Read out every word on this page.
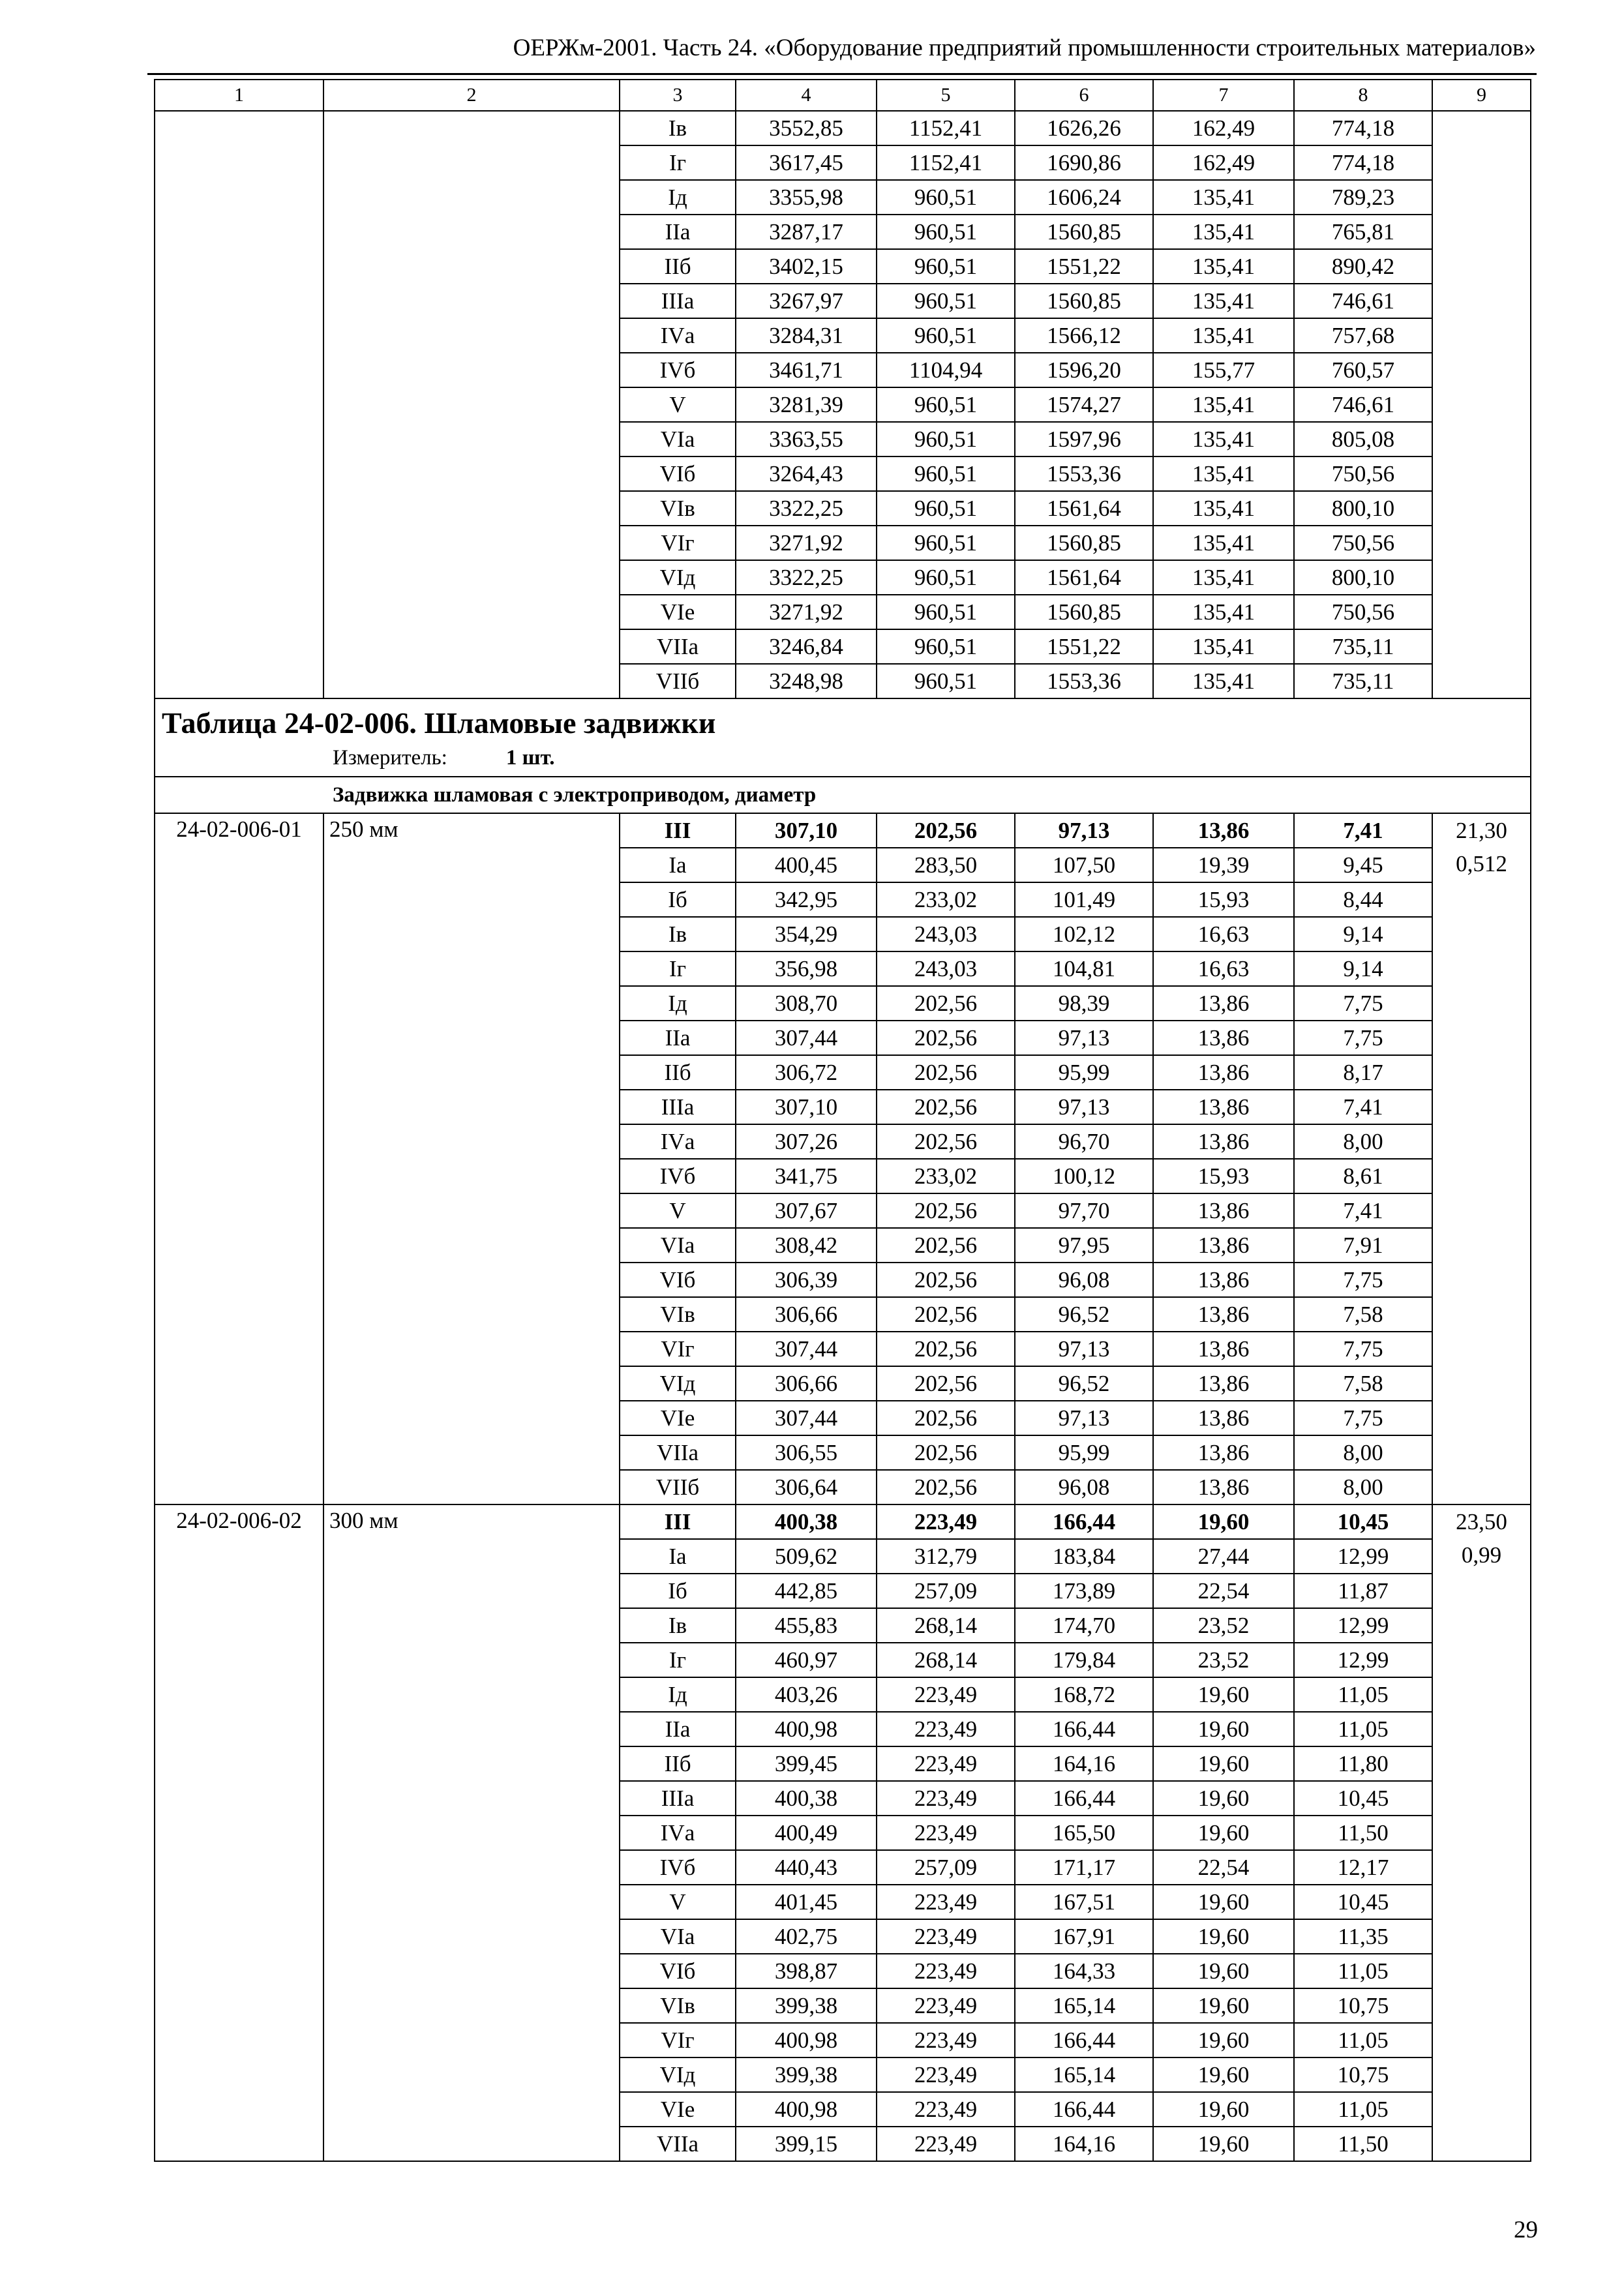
ОЕРЖм-2001. Часть 24. «Оборудование предприятий промышленности строительных материалов»
1	2	3	4	5	6	7	8	9
		Iв	3552,85	1152,41	1626,26	162,49	774,18	
		Iг	3617,45	1152,41	1690,86	162,49	774,18	
		Iд	3355,98	960,51	1606,24	135,41	789,23	
		IIа	3287,17	960,51	1560,85	135,41	765,81	
		IIб	3402,15	960,51	1551,22	135,41	890,42	
		IIIа	3267,97	960,51	1560,85	135,41	746,61	
		IVа	3284,31	960,51	1566,12	135,41	757,68	
		IVб	3461,71	1104,94	1596,20	155,77	760,57	
		V	3281,39	960,51	1574,27	135,41	746,61	
		VIа	3363,55	960,51	1597,96	135,41	805,08	
		VIб	3264,43	960,51	1553,36	135,41	750,56	
		VIв	3322,25	960,51	1561,64	135,41	800,10	
		VIг	3271,92	960,51	1560,85	135,41	750,56	
		VIд	3322,25	960,51	1561,64	135,41	800,10	
		VIе	3271,92	960,51	1560,85	135,41	750,56	
		VIIа	3246,84	960,51	1551,22	135,41	735,11	
		VIIб	3248,98	960,51	1553,36	135,41	735,11	

Таблица 24-02-006. Шламовые задвижки
Измеритель: 1 шт.								

Задвижка шламовая с электроприводом, диаметр								
24-02-006-01	250 мм	III	307,10	202,56	97,13	13,86	7,41	21,30
0,512

		Iа	400,45	283,50	107,50	19,39	9,45	
		Iб	342,95	233,02	101,49	15,93	8,44	
		Iв	354,29	243,03	102,12	16,63	9,14	
		Iг	356,98	243,03	104,81	16,63	9,14	
		Iд	308,70	202,56	98,39	13,86	7,75	
		IIа	307,44	202,56	97,13	13,86	7,75	
		IIб	306,72	202,56	95,99	13,86	8,17	
		IIIа	307,10	202,56	97,13	13,86	7,41	
		IVа	307,26	202,56	96,70	13,86	8,00	
		IVб	341,75	233,02	100,12	15,93	8,61	
		V	307,67	202,56	97,70	13,86	7,41	
		VIа	308,42	202,56	97,95	13,86	7,91	
		VIб	306,39	202,56	96,08	13,86	7,75	
		VIв	306,66	202,56	96,52	13,86	7,58	
		VIг	307,44	202,56	97,13	13,86	7,75	
		VIд	306,66	202,56	96,52	13,86	7,58	
		VIе	307,44	202,56	97,13	13,86	7,75	
		VIIа	306,55	202,56	95,99	13,86	8,00	
		VIIб	306,64	202,56	96,08	13,86	8,00	
24-02-006-02	300 мм	III	400,38	223,49	166,44	19,60	10,45	23,50
0,99

		Iа	509,62	312,79	183,84	27,44	12,99	
		Iб	442,85	257,09	173,89	22,54	11,87	
		Iв	455,83	268,14	174,70	23,52	12,99	
		Iг	460,97	268,14	179,84	23,52	12,99	
		Iд	403,26	223,49	168,72	19,60	11,05	
		IIа	400,98	223,49	166,44	19,60	11,05	
		IIб	399,45	223,49	164,16	19,60	11,80	
		IIIа	400,38	223,49	166,44	19,60	10,45	
		IVа	400,49	223,49	165,50	19,60	11,50	
		IVб	440,43	257,09	171,17	22,54	12,17	
		V	401,45	223,49	167,51	19,60	10,45	
		VIа	402,75	223,49	167,91	19,60	11,35	
		VIб	398,87	223,49	164,33	19,60	11,05	
		VIв	399,38	223,49	165,14	19,60	10,75	
		VIг	400,98	223,49	166,44	19,60	11,05	
		VIд	399,38	223,49	165,14	19,60	10,75	
		VIе	400,98	223,49	166,44	19,60	11,05	
		VIIа	399,15	223,49	164,16	19,60	11,50	
29
